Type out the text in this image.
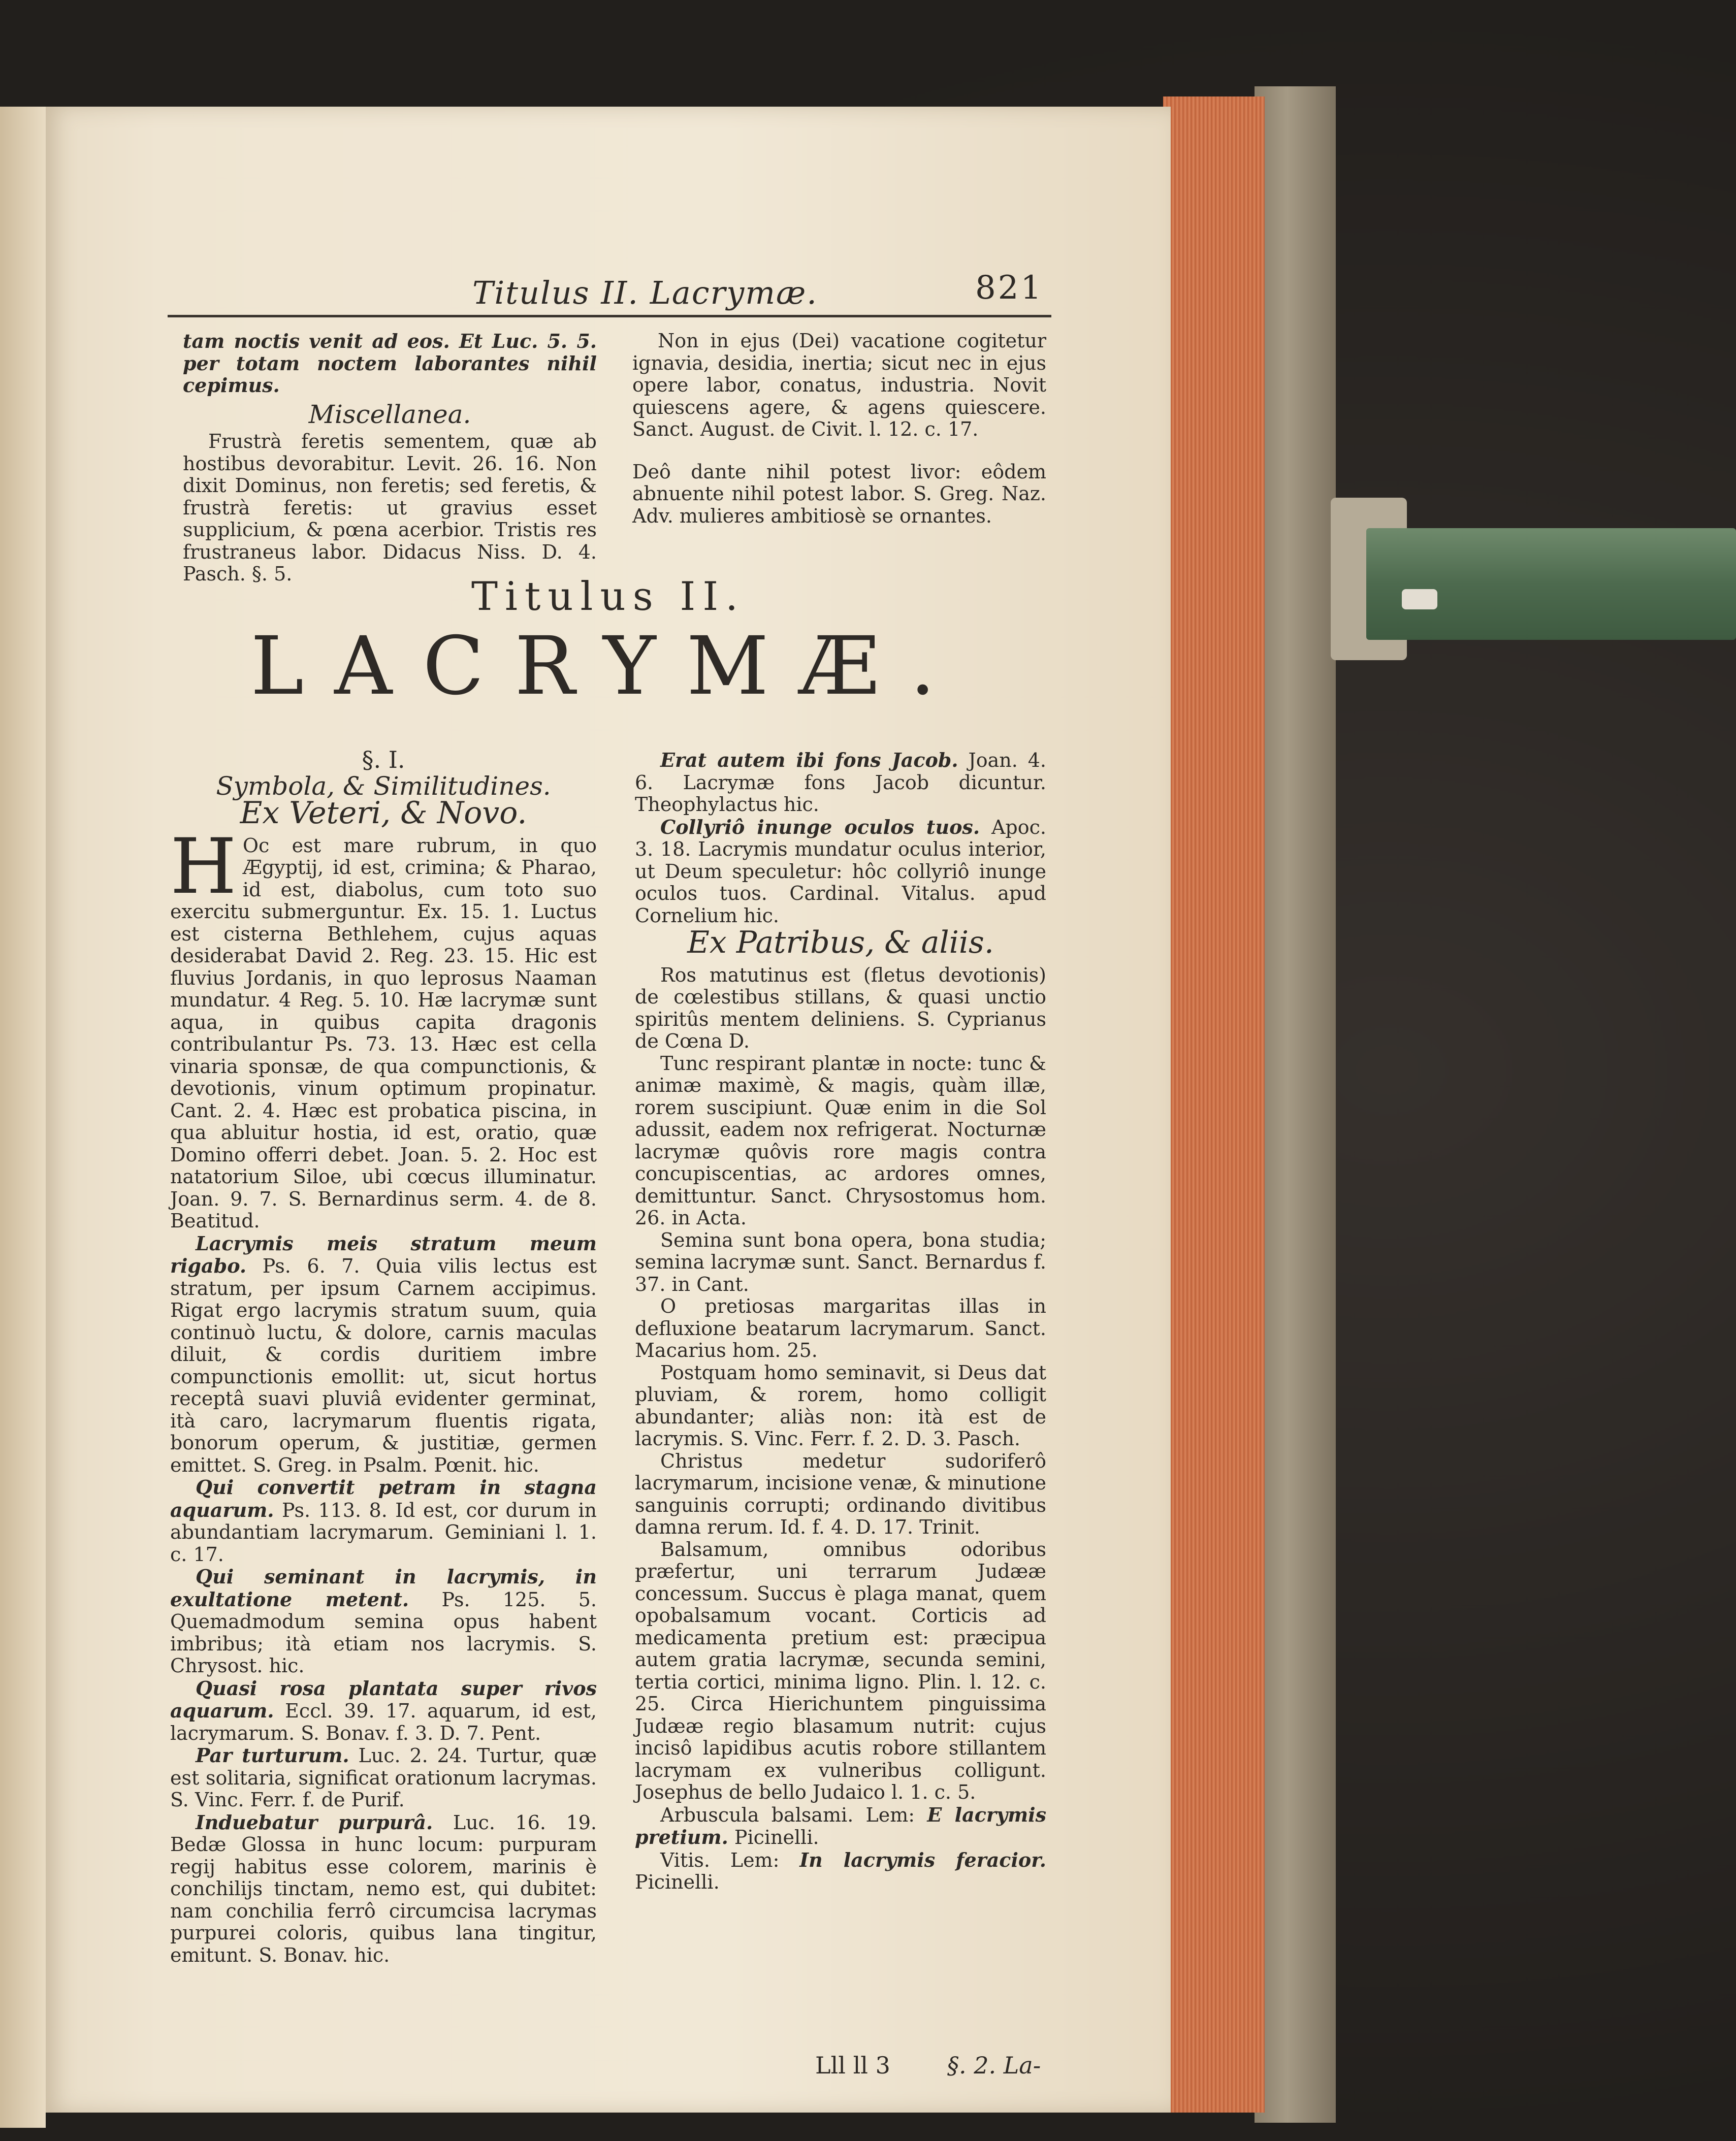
Titulus II. Lacrymæ.	821

tam noctis venit ad eos. Et Luc. 5. 5. per totam noctem laborantes nihil cepimus.

Miscellanea.

Frustrà feretis sementem, quæ ab hostibus devorabitur. Levit. 26. 16. Non dixit Dominus, non feretis; sed feretis, & frustrà feretis: ut gravius esset supplicium, & pœna acerbior. Tristis res frustraneus labor. Didacus Niss. D. 4. Pasch. §. 5.

Non in ejus (Dei) vacatione cogitetur ignavia, desidia, inertia; sicut nec in ejus opere labor, conatus, industria. Novit quiescens agere, & agens quiescere. Sanct. August. de Civit. l. 12. c. 17.

Deô dante nihil potest livor: eôdem abnuente nihil potest labor. S. Greg. Naz. Adv. mulieres ambitiosè se ornantes.

Titulus II.
LACRYMÆ.

§. I.

Symbola, & Similitudines.

Ex Veteri, & Novo.

H Oc est mare rubrum, in quo Ægyptij, id est, crimina; & Pharao, id est, diabolus, cum toto suo exercitu submerguntur. Ex. 15. 1. Luctus est cisterna Bethlehem, cujus aquas desiderabat David 2. Reg. 23. 15. Hic est fluvius Jordanis, in quo leprosus Naaman mundatur. 4 Reg. 5. 10. Hæ lacrymæ sunt aqua, in quibus capita dragonis contribulantur Ps. 73. 13. Hæc est cella vinaria sponsæ, de qua compunctionis, & devotionis, vinum optimum propinatur. Cant. 2. 4. Hæc est probatica piscina, in qua abluitur hostia, id est, oratio, quæ Domino offerri debet. Joan. 5. 2. Hoc est natatorium Siloe, ubi cœcus illuminatur. Joan. 9. 7. S. Bernardinus serm. 4. de 8. Beatitud.

Lacrymis meis stratum meum rigabo. Ps. 6. 7. Quia vilis lectus est stratum, per ipsum Carnem accipimus. Rigat ergo lacrymis stratum suum, quia continuò luctu, & dolore, carnis maculas diluit, & cordis duritiem imbre compunctionis emollit: ut, sicut hortus receptâ suavi pluviâ evidenter germinat, ità caro, lacrymarum fluentis rigata, bonorum operum, & justitiæ, germen emittet. S. Greg. in Psalm. Pœnit. hic.

Qui convertit petram in stagna aquarum. Ps. 113. 8. Id est, cor durum in abundantiam lacrymarum. Geminiani l. 1. c. 17.

Qui seminant in lacrymis, in exultatione metent. Ps. 125. 5. Quemadmodum semina opus habent imbribus; ità etiam nos lacrymis. S. Chrysost. hic.

Quasi rosa plantata super rivos aquarum. Eccl. 39. 17. aquarum, id est, lacrymarum. S. Bonav. f. 3. D. 7. Pent.

Par turturum. Luc. 2. 24. Turtur, quæ est solitaria, significat orationum lacrymas. S. Vinc. Ferr. f. de Purif.

Induebatur purpurâ. Luc. 16. 19. Bedæ Glossa in hunc locum: purpuram regij habitus esse colorem, marinis è conchilijs tinctam, nemo est, qui dubitet: nam conchilia ferrô circumcisa lacrymas purpurei coloris, quibus lana tingitur, emitunt. S. Bonav. hic.

Erat autem ibi fons Jacob. Joan. 4. 6. Lacrymæ fons Jacob dicuntur. Theophylactus hic.

Collyriô inunge oculos tuos. Apoc. 3. 18. Lacrymis mundatur oculus interior, ut Deum speculetur: hôc collyriô inunge oculos tuos. Cardinal. Vitalus. apud Cornelium hic.

Ex Patribus, & aliis.

Ros matutinus est (fletus devotionis) de cœlestibus stillans, & quasi unctio spiritûs mentem deliniens. S. Cyprianus de Cœna D.

Tunc respirant plantæ in nocte: tunc & animæ maximè, & magis, quàm illæ, rorem suscipiunt. Quæ enim in die Sol adussit, eadem nox refrigerat. Nocturnæ lacrymæ quôvis rore magis contra concupiscentias, ac ardores omnes, demittuntur. Sanct. Chrysostomus hom. 26. in Acta.

Semina sunt bona opera, bona studia; semina lacrymæ sunt. Sanct. Bernardus f. 37. in Cant.

O pretiosas margaritas illas in defluxione beatarum lacrymarum. Sanct. Macarius hom. 25.

Postquam homo seminavit, si Deus dat pluviam, & rorem, homo colligit abundanter; aliàs non: ità est de lacrymis. S. Vinc. Ferr. f. 2. D. 3. Pasch.

Christus medetur sudoriferô lacrymarum, incisione venæ, & minutione sanguinis corrupti; ordinando divitibus damna rerum. Id. f. 4. D. 17. Trinit.

Balsamum, omnibus odoribus præfertur, uni terrarum Judææ concessum. Succus è plaga manat, quem opobalsamum vocant. Corticis ad medicamenta pretium est: præcipua autem gratia lacrymæ, secunda semini, tertia cortici, minima ligno. Plin. l. 12. c. 25. Circa Hierichuntem pinguissima Judææ regio blasamum nutrit: cujus incisô lapidibus acutis robore stillantem lacrymam ex vulneribus colligunt. Josephus de bello Judaico l. 1. c. 5.

Arbuscula balsami. Lem: E lacrymis pretium. Picinelli.

Vitis. Lem: In lacrymis feracior. Picinelli.

Lll ll 3 §. 2. La-
